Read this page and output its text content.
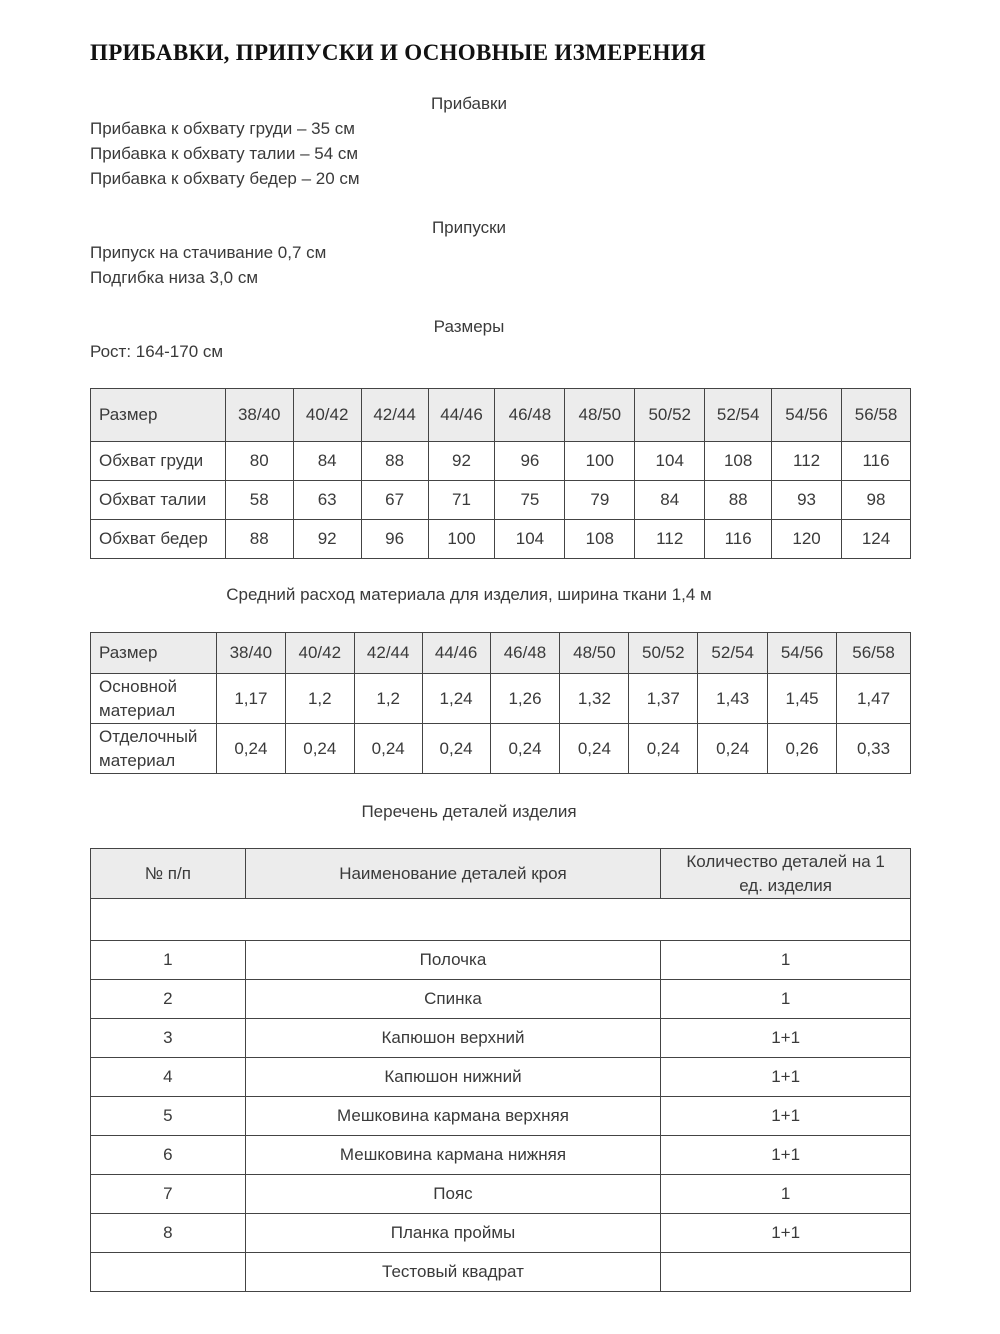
ПРИБАВКИ, ПРИПУСКИ И ОСНОВНЫЕ ИЗМЕРЕНИЯ
Прибавки
Прибавка к обхвату груди – 35 см
Прибавка к обхвату талии – 54 см
Прибавка к обхвату бедер – 20 см
Припуски
Припуск на стачивание 0,7 см
Подгибка низа 3,0 см
Размеры
Рост: 164-170 см
Размер	38/40	40/42	42/44	44/46	46/48	48/50	50/52	52/54	54/56	56/58
Обхват груди	80	84	88	92	96	100	104	108	112	116
Обхват талии	58	63	67	71	75	79	84	88	93	98
Обхват бедер	88	92	96	100	104	108	112	116	120	124
Средний расход материала для изделия, ширина ткани 1,4 м
Размер	38/40	40/42	42/44	44/46	46/48	48/50	50/52	52/54	54/56	56/58
Основной материал	1,17	1,2	1,2	1,24	1,26	1,32	1,37	1,43	1,45	1,47
Отделочный материал	0,24	0,24	0,24	0,24	0,24	0,24	0,24	0,24	0,26	0,33
Перечень деталей изделия
№ п/п	Наименование деталей кроя	Количество деталей на 1 ед. изделия

1	Полочка	1
2	Спинка	1
3	Капюшон верхний	1+1
4	Капюшон нижний	1+1
5	Мешковина кармана верхняя	1+1
6	Мешковина кармана нижняя	1+1
7	Пояс	1
8	Планка проймы	1+1
	Тестовый квадрат	
